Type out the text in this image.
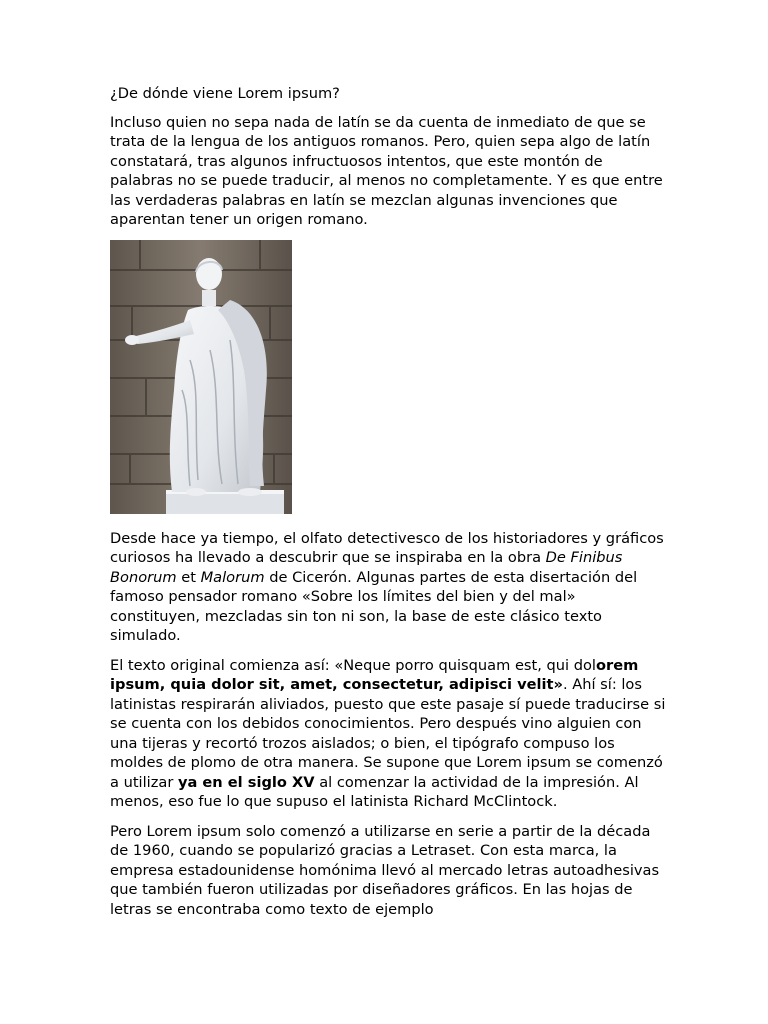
¿De dónde viene Lorem ipsum?

Incluso quien no sepa nada de latín se da cuenta de inmediato de que se trata de la lengua de los antiguos romanos. Pero, quien sepa algo de latín constatará, tras algunos infructuosos intentos, que este montón de palabras no se puede traducir, al menos no completamente. Y es que entre las verdaderas palabras en latín se mezclan algunas invenciones que aparentan tener un origen romano.

Desde hace ya tiempo, el olfato detectivesco de los historiadores y gráficos curiosos ha llevado a descubrir que se inspiraba en la obra De Finibus Bonorum et Malorum de Cicerón. Algunas partes de esta disertación del famoso pensador romano «Sobre los límites del bien y del mal» constituyen, mezcladas sin ton ni son, la base de este clásico texto simulado.

El texto original comienza así: «Neque porro quisquam est, qui dolorem ipsum, quia dolor sit, amet, consectetur, adipisci velit». Ahí sí: los latinistas respirarán aliviados, puesto que este pasaje sí puede traducirse si se cuenta con los debidos conocimientos. Pero después vino alguien con una tijeras y recortó trozos aislados; o bien, el tipógrafo compuso los moldes de plomo de otra manera. Se supone que Lorem ipsum se comenzó a utilizar ya en el siglo XV al comenzar la actividad de la impresión. Al menos, eso fue lo que supuso el latinista Richard McClintock.

Pero Lorem ipsum solo comenzó a utilizarse en serie a partir de la década de 1960, cuando se popularizó gracias a Letraset. Con esta marca, la empresa estadounidense homónima llevó al mercado letras autoadhesivas que también fueron utilizadas por diseñadores gráficos. En las hojas de letras se encontraba como texto de ejemplo
